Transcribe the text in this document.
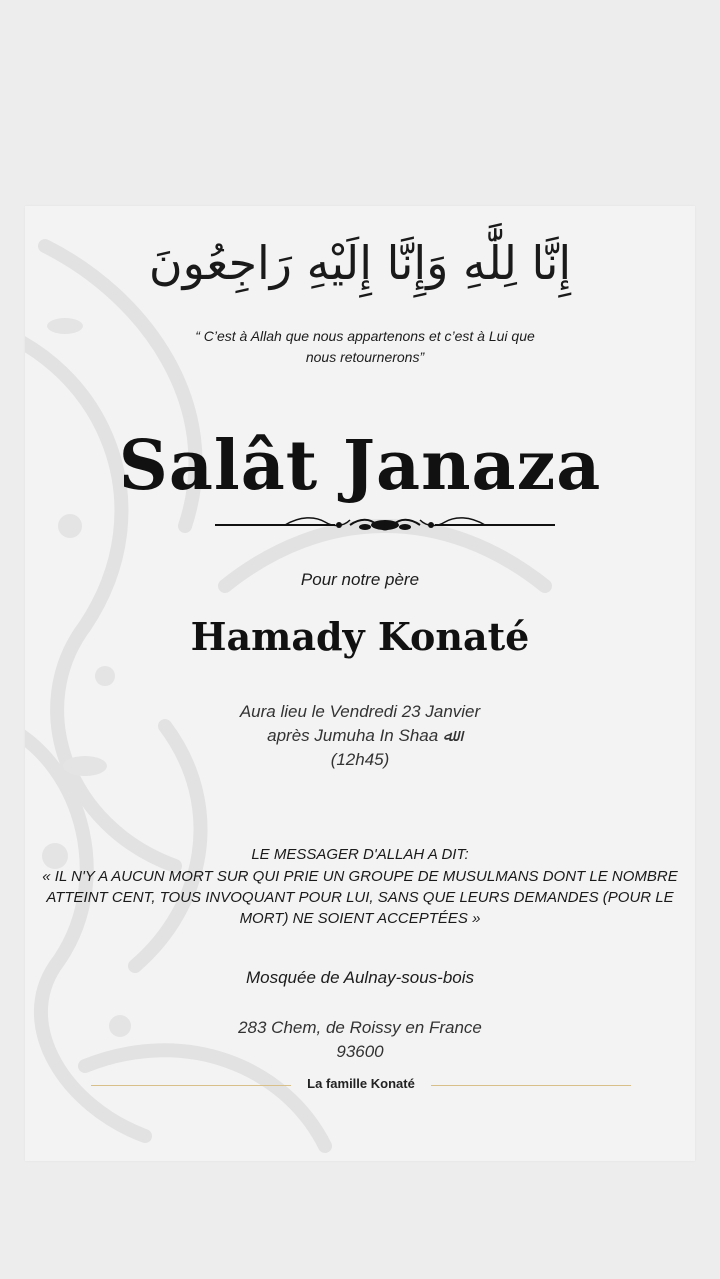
إِنَّا لِلَّٰهِ وَإِنَّا إِلَيْهِ رَاجِعُونَ
“ C’est à Allah que nous appartenons et c’est à Lui que nous retournerons”
Salât Janaza
Pour notre père
Hamady Konaté
Aura lieu le Vendredi 23 Janvier
après Jumuha In Shaa ﷲ
(12h45)
LE MESSAGER D'ALLAH A DIT:
« IL N'Y A AUCUN MORT SUR QUI PRIE UN GROUPE DE MUSULMANS DONT LE NOMBRE ATTEINT CENT, TOUS INVOQUANT POUR LUI, SANS QUE LEURS DEMANDES (POUR LE MORT) NE SOIENT ACCEPTÉES »
Mosquée de Aulnay-sous-bois
283 Chem, de Roissy en France
93600
La famille Konaté
